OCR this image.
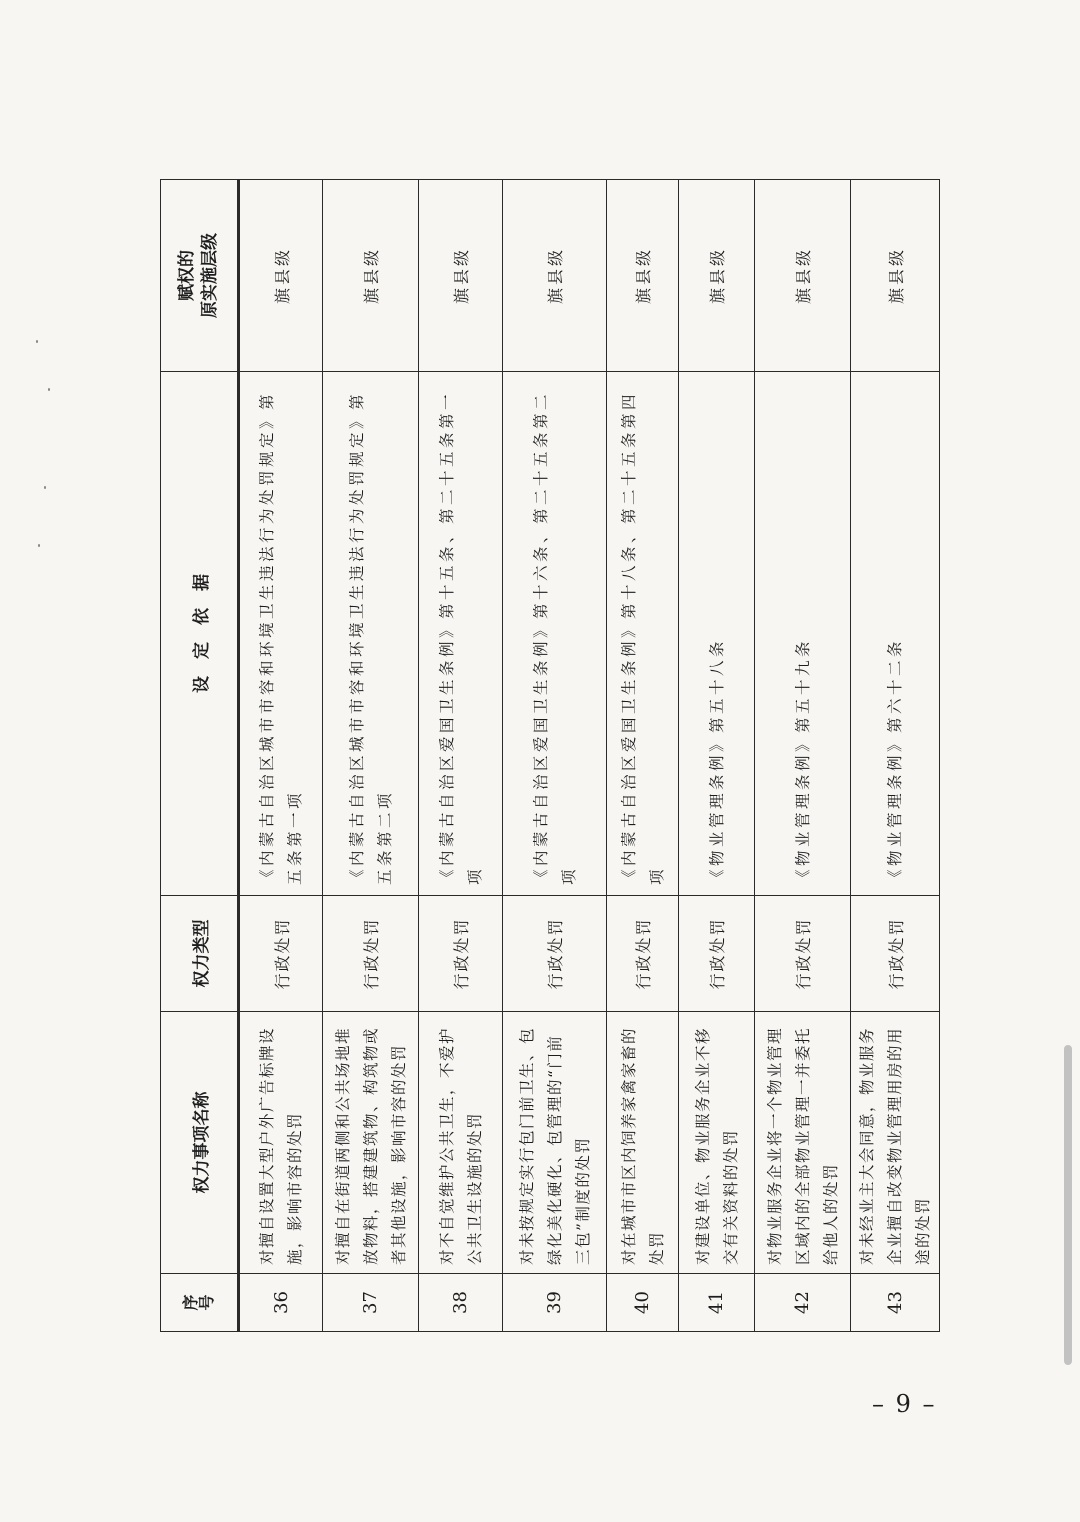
序
号	权力事项名称	权力类型	设　定　依　据	赋权的 原实施层级

36	对擅自设置大型户外广告标牌设施，影响市容的处罚	行政处罚	《内蒙古自治区城市市容和环境卫生违法行为处罚规定》第五条第一项	旗县级
37	对擅自在街道两侧和公共场地堆放物料，搭建建筑物、构筑物或者其他设施，影响市容的处罚	行政处罚	《内蒙古自治区城市市容和环境卫生违法行为处罚规定》第五条第二项	旗县级
38	对不自觉维护公共卫生，不爱护公共卫生设施的处罚	行政处罚	《内蒙古自治区爱国卫生条例》第十五条、第二十五条第一项	旗县级
39	对未按规定实行包门前卫生、包绿化美化硬化、包管理的“门前三包”制度的处罚	行政处罚	《内蒙古自治区爱国卫生条例》第十六条、第二十五条第二项	旗县级
40	对在城市市区内饲养家禽家畜的处罚	行政处罚	《内蒙古自治区爱国卫生条例》第十八条、第二十五条第四项	旗县级
41	对建设单位、物业服务企业不移交有关资料的处罚	行政处罚	《物业管理条例》第五十八条	旗县级
42	对物业服务企业将一个物业管理区域内的全部物业管理一并委托给他人的处罚	行政处罚	《物业管理条例》第五十九条	旗县级
43	对未经业主大会同意，物业服务企业擅自改变物业管理用房的用途的处罚	行政处罚	《物业管理条例》第六十二条	旗县级
– 9 –
